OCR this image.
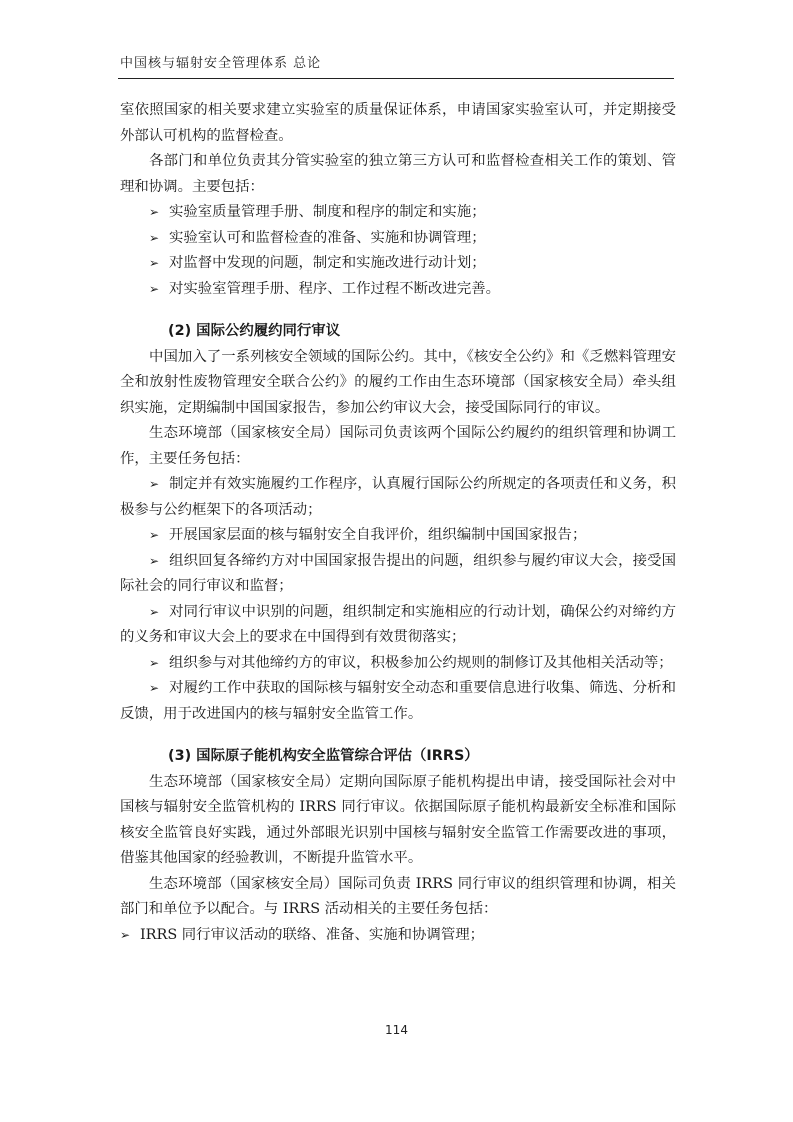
中国核与辐射安全管理体系 总论

室依照国家的相关要求建立实验室的质量保证体系，申请国家实验室认可，并定期接受外部认可机构的监督检查。

各部门和单位负责其分管实验室的独立第三方认可和监督检查相关工作的策划、管理和协调。主要包括：

➢ 实验室质量管理手册、制度和程序的制定和实施；

➢ 实验室认可和监督检查的准备、实施和协调管理；

➢ 对监督中发现的问题，制定和实施改进行动计划；

➢ 对实验室管理手册、程序、工作过程不断改进完善。

(2) 国际公约履约同行审议

中国加入了一系列核安全领域的国际公约。其中，《核安全公约》和《乏燃料管理安全和放射性废物管理安全联合公约》的履约工作由生态环境部（国家核安全局）牵头组织实施，定期编制中国国家报告，参加公约审议大会，接受国际同行的审议。

生态环境部（国家核安全局）国际司负责该两个国际公约履约的组织管理和协调工作，主要任务包括：

➢ 制定并有效实施履约工作程序，认真履行国际公约所规定的各项责任和义务，积极参与公约框架下的各项活动；

➢ 开展国家层面的核与辐射安全自我评价，组织编制中国国家报告；

➢ 组织回复各缔约方对中国国家报告提出的问题，组织参与履约审议大会，接受国际社会的同行审议和监督；

➢ 对同行审议中识别的问题，组织制定和实施相应的行动计划，确保公约对缔约方的义务和审议大会上的要求在中国得到有效贯彻落实；

➢ 组织参与对其他缔约方的审议，积极参加公约规则的制修订及其他相关活动等；

➢ 对履约工作中获取的国际核与辐射安全动态和重要信息进行收集、筛选、分析和反馈，用于改进国内的核与辐射安全监管工作。

(3) 国际原子能机构安全监管综合评估（IRRS）

生态环境部（国家核安全局）定期向国际原子能机构提出申请，接受国际社会对中国核与辐射安全监管机构的 IRRS 同行审议。依据国际原子能机构最新安全标准和国际核安全监管良好实践，通过外部眼光识别中国核与辐射安全监管工作需要改进的事项，借鉴其他国家的经验教训，不断提升监管水平。

生态环境部（国家核安全局）国际司负责 IRRS 同行审议的组织管理和协调，相关部门和单位予以配合。与 IRRS 活动相关的主要任务包括：

➢ IRRS 同行审议活动的联络、准备、实施和协调管理；

114
